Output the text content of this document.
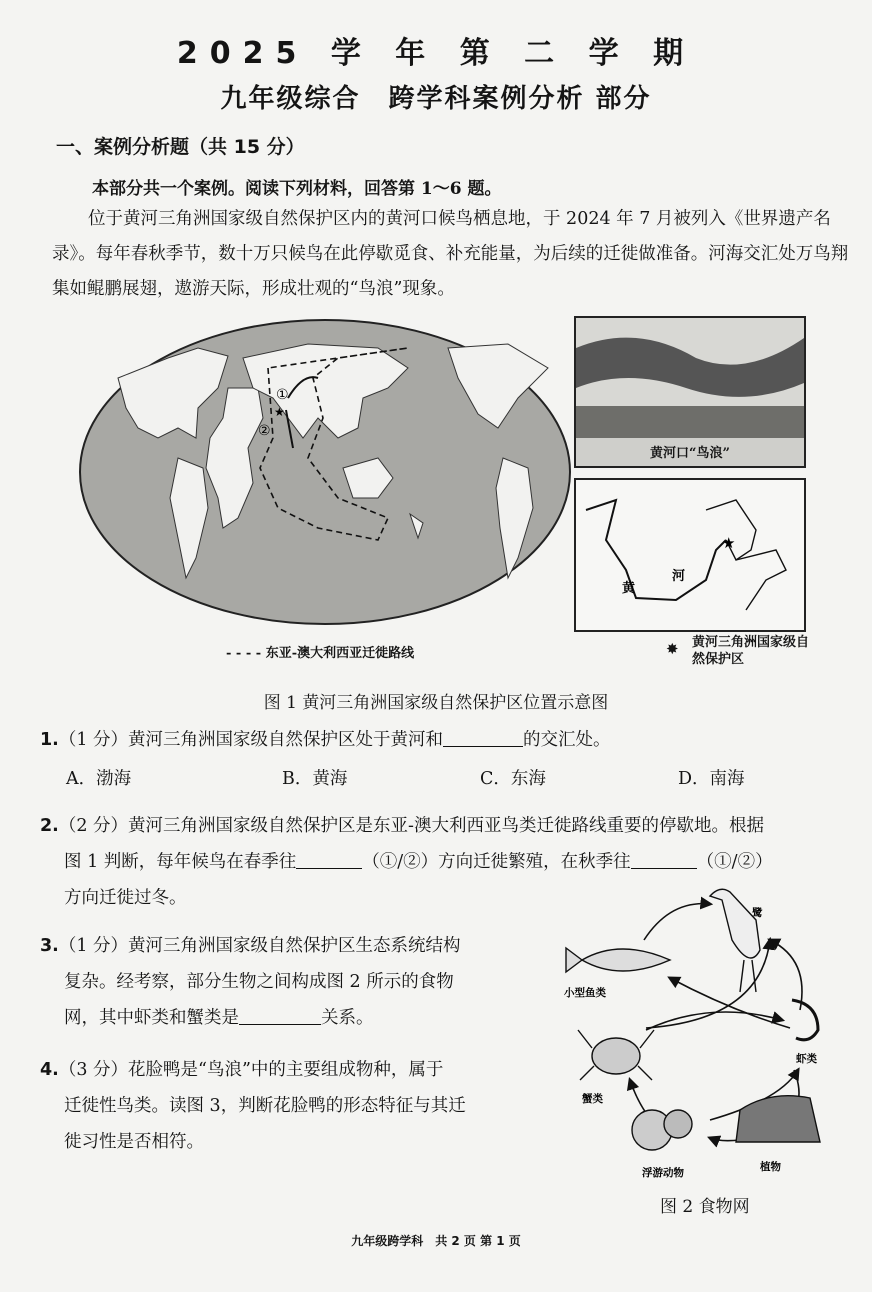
2025 学 年 第 二 学 期
九年级综合　跨学科案例分析 部分
一、案例分析题（共 15 分）
本部分共一个案例。阅读下列材料，回答第 1～6 题。
位于黄河三角洲国家级自然保护区内的黄河口候鸟栖息地，于 2024 年 7 月被列入《世界遗产名录》。每年春秋季节，数十万只候鸟在此停歇觅食、补充能量，为后续的迁徙做准备。河海交汇处万鸟翔集如鲲鹏展翅，遨游天际，形成壮观的“鸟浪”现象。
①
②
★
黄河口“鸟浪”
★
黄
河
- - - - 东亚-澳大利西亚迁徙路线	✸ 黄河三角洲国家级自然保护区
图 1 黄河三角洲国家级自然保护区位置示意图
1.（1 分）黄河三角洲国家级自然保护区处于黄河和	的交汇处。
A．渤海	B．黄海	C．东海	D．南海
2.（2 分）黄河三角洲国家级自然保护区是东亚-澳大利西亚鸟类迁徙路线重要的停歇地。根据
图 1 判断，每年候鸟在春季往	（①/②）方向迁徙繁殖，在秋季往	（①/②）
方向迁徙过冬。
3.（1 分）黄河三角洲国家级自然保护区生态系统结构
复杂。经考察，部分生物之间构成图 2 所示的食物
网，其中虾类和蟹类是	关系。
4.（3 分）花脸鸭是“鸟浪”中的主要组成物种，属于
迁徙性鸟类。读图 3，判断花脸鸭的形态特征与其迁
徙习性是否相符。
鹭
小型鱼类
虾类
蟹类
浮游动物	植物
图 2 食物网
九年级跨学科　共 2 页 第 1 页
